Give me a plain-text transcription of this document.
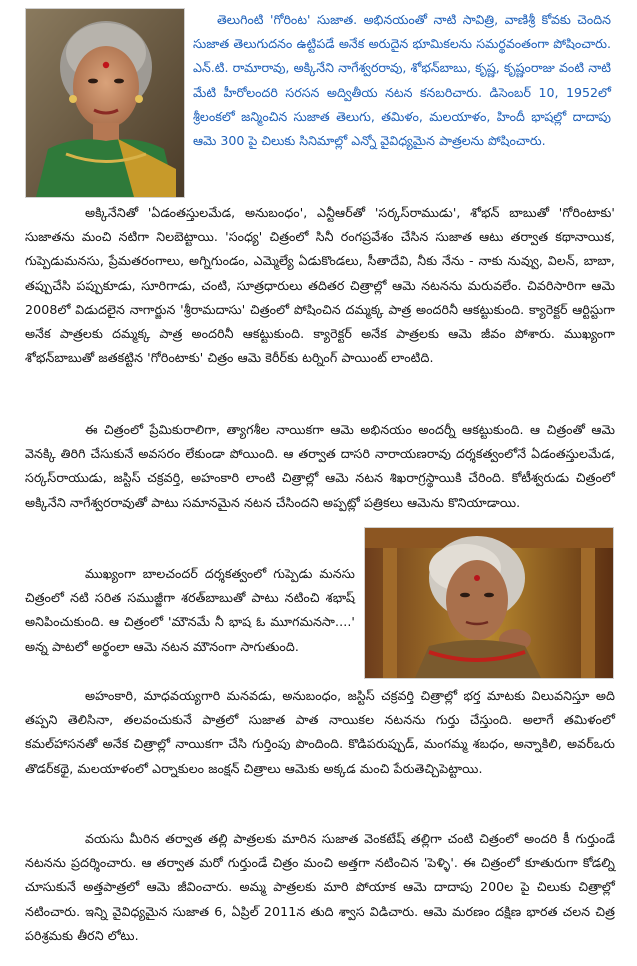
తెలుగింటి 'గోరింట' సుజాత. అభినయంతో నాటి సావిత్రి, వాణిశ్రీ కోవకు చెందిన సుజాత తెలుగుదనం ఉట్టిపడే అనేక అరుదైన భూమికలను సమర్థవంతంగా పోషించారు. ఎన్.టి. రామారావు, అక్కినేని నాగేశ్వరరావు, శోభన్‌బాబు, కృష్ణ, కృష్ణంరాజు వంటి నాటి మేటి హీరోలందరి సరసన అద్వితీయ నటన కనబరిచారు. డిసెంబర్ 10, 1952లో శ్రీలంకలో జన్మించిన సుజాత తెలుగు, తమిళం, మలయాళం, హిందీ భాషల్లో దాదాపు ఆమె 300 పై చిలుకు సినిమాల్లో ఎన్నో వైవిధ్యమైన పాత్రలను పోషించారు.
అక్కినేనితో 'ఏడంతస్తులమేడ, అనుబంధం', ఎన్టీఆర్‌తో 'సర్కస్‌రాముడు', శోభన్ బాబుతో 'గోరింటాకు' సుజాతను మంచి నటిగా నిలబెట్టాయి. 'సంధ్య' చిత్రంలో సినీ రంగప్రవేశం చేసిన సుజాత ఆటు తర్వాత కథానాయిక, గుప్పెడుమనసు, ప్రేమతరంగాలు, అగ్నిగుండం, ఎమ్మెల్యే ఏడుకొండలు, సీతాదేవి, నీకు నేను - నాకు నువ్వు, విలన్, బాబా, తప్పుచేసి పప్పుకూడు, సూరిగాడు, చంటి, సూత్రధారులు తదితర చిత్రాల్లో ఆమె నటనను మరువలేం. చివరిసారిగా ఆమె 2008లో విడుదలైన నాగార్జున 'శ్రీరామదాసు' చిత్రంలో పోషించిన దమ్మక్క పాత్ర అందరినీ ఆకట్టుకుంది. క్యారెక్టర్ ఆర్టిస్టుగా అనేక పాత్రలకు దమ్మక్క పాత్ర అందరినీ ఆకట్టుకుంది. క్యారెక్టర్ అనేక పాత్రలకు ఆమె జీవం పోశారు. ముఖ్యంగా శోభన్‌బాబుతో జతకట్టిన 'గోరింటాకు' చిత్రం ఆమె కెరీర్‌కు టర్నింగ్ పాయింట్ లాంటిది.
ఈ చిత్రంలో ప్రేమికురాలిగా, త్యాగశీల నాయికగా ఆమె అభినయం అందర్నీ ఆకట్టుకుంది. ఆ చిత్రంతో ఆమె వెనక్కి తిరిగి చేసుకునే అవసరం లేకుండా పోయింది. ఆ తర్వాత దాసరి నారాయణరావు దర్శకత్వంలోనే ఏడంతస్తులమేడ, సర్కస్‌రాయుడు, జస్టిస్ చక్రవర్తి, అహంకారి లాంటి చిత్రాల్లో ఆమె నటన శిఖరాగ్రస్థాయికి చేరింది. కోటీశ్వరుడు చిత్రంలో అక్కినేని నాగేశ్వరరావుతో పాటు సమానమైన నటన చేసిందని అప్పట్లో పత్రికలు ఆమెను కొనియాడాయి.
ముఖ్యంగా బాలచందర్ దర్శకత్వంలో గుప్పెడు మనసు చిత్రంలో నటి సరిత సముజ్జీగా శరత్‌బాబుతో పాటు నటించి శభాష్ అనిపించుకుంది. ఆ చిత్రంలో 'మౌనమే నీ భాష ఓ మూగమనసా....' అన్న పాటలో అర్థంలా ఆమె నటన మౌనంగా సాగుతుంది.
అహంకారి, మాధవయ్యగారి మనవడు, అనుబంధం, జస్టిస్ చక్రవర్తి చిత్రాల్లో భర్త మాటకు విలువనిస్తూ అది తప్పని తెలిసినా, తలవంచుకునే పాత్రలో సుజాత పాత నాయికల నటనను గుర్తు చేస్తుంది. అలాగే తమిళంలో కమల్‌హాసనతో అనేక చిత్రాల్లో నాయికగా చేసి గుర్తింపు పొందింది. కొడిపరుప్పుడ్, మంగమ్మ శబధం, అన్నాకిలి, అవర్‌ఒరు తొడర్‌కథై, మలయాళంలో ఎర్నాకులం జంక్షన్ చిత్రాలు ఆమెకు అక్కడ మంచి పేరుతెచ్చిపెట్టాయి.
వయసు మీరిన తర్వాత తల్లి పాత్రలకు మారిన సుజాత వెంకటేష్ తల్లిగా చంటి చిత్రంలో అందరి కీ గుర్తుండే నటనను ప్రదర్శించారు. ఆ తర్వాత మరో గుర్తుండే చిత్రం మంచి అత్తగా నటించిన 'పెళ్ళి'. ఈ చిత్రంలో కూతురుగా కోడల్ని చూసుకునే అత్తపాత్రలో ఆమె జీవించారు. అమ్మ పాత్రలకు మారి పోయాక ఆమె దాదాపు 200ల పై చిలుకు చిత్రాల్లో నటించారు. ఇన్ని వైవిధ్యమైన సుజాత 6, ఏప్రిల్ 2011న తుది శ్వాస విడిచారు. ఆమె మరణం దక్షిణ భారత చలన చిత్ర పరిశ్రమకు తీరని లోటు.
